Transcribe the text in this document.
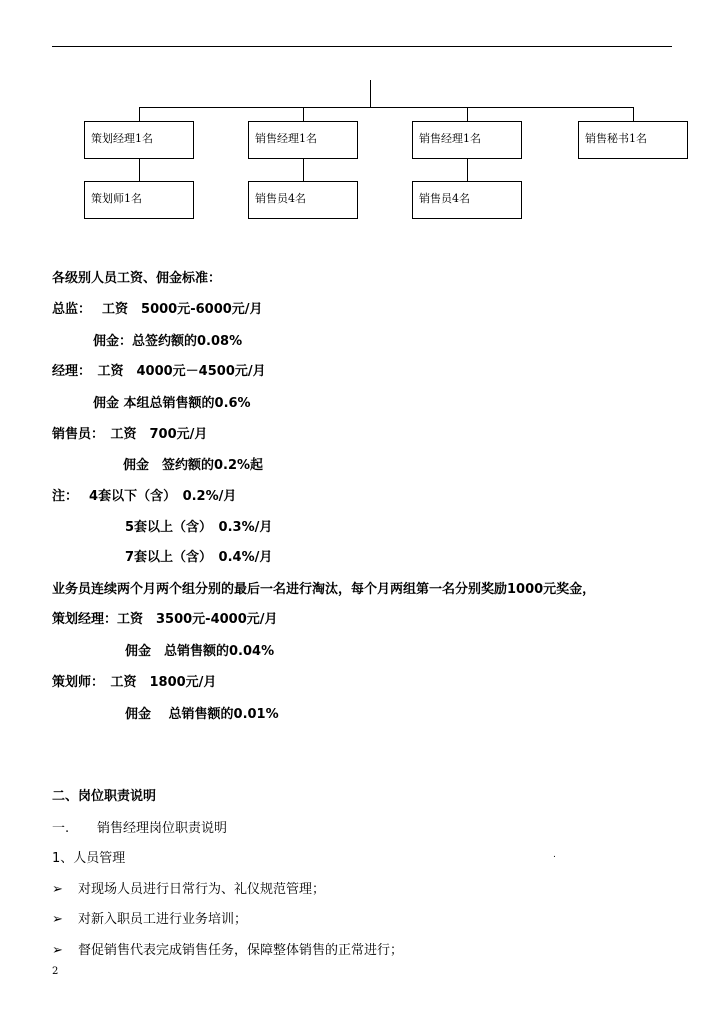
策划经理1名	销售经理1名	销售经理1名	销售秘书1名
策划师1名	销售员4名	销售员4名
各级别人员工资、佣金标准：
总监：　 工资　5000元-6000元/月
佣金：总签约额的0.08%
经理：　工资　4000元－4500元/月
佣金 本组总销售额的0.6%
销售员：　工资　700元/月
佣金　签约额的0.2%起
注：　 4套以下（含）　0.2%/月
5套以上（含）　0.3%/月
7套以上（含）　0.4%/月
业务员连续两个月两个组分别的最后一名进行淘汰，每个月两组第一名分别奖励1000元奖金，
策划经理：工资　3500元-4000元/月
佣金　总销售额的0.04%
策划师：　工资　1800元/月
佣金　 总销售额的0.01%
二、岗位职责说明
一. 销售经理岗位职责说明
1、人员管理	.
➢ 对现场人员进行日常行为、礼仪规范管理；
➢ 对新入职员工进行业务培训；
➢ 督促销售代表完成销售任务，保障整体销售的正常进行；
2
